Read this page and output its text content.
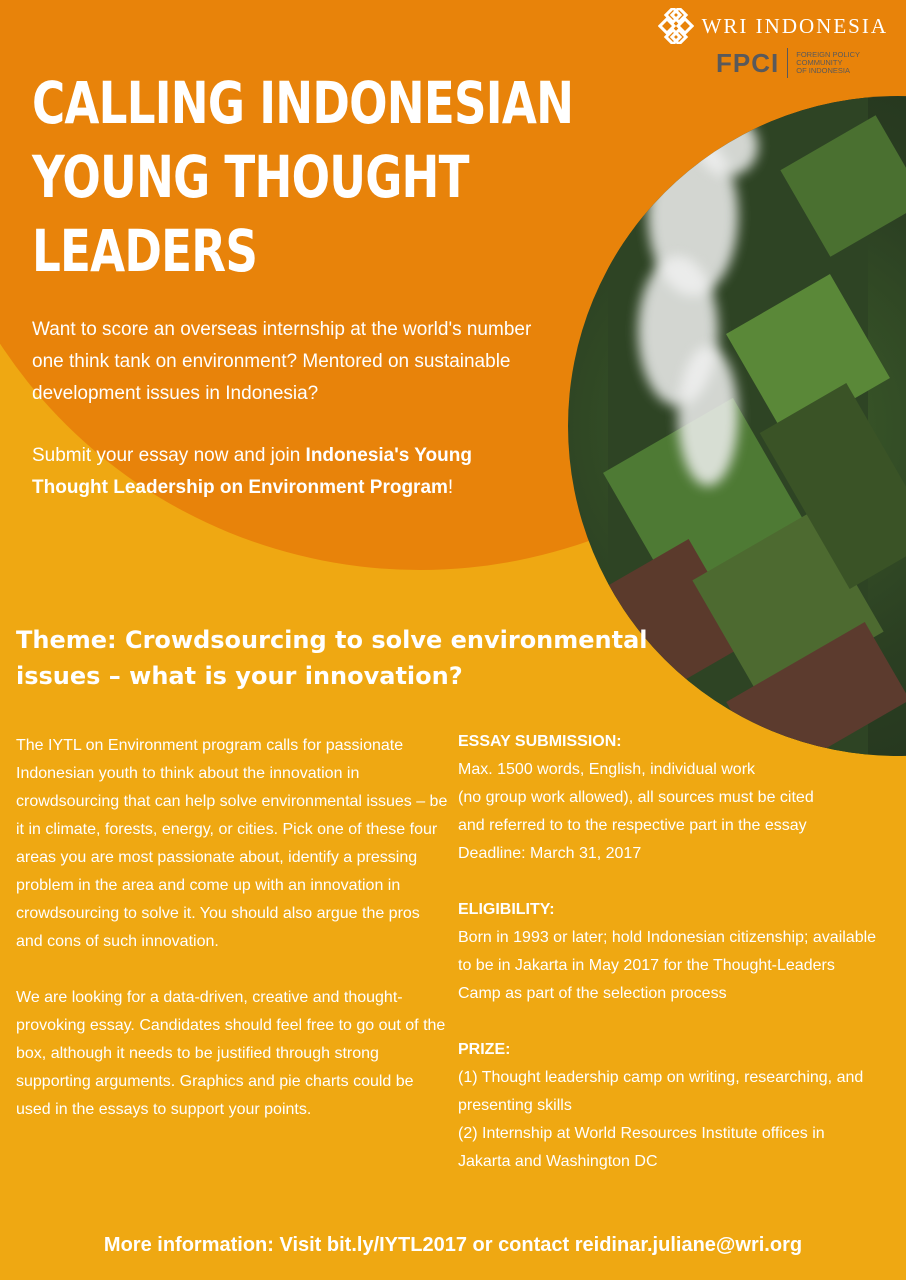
WRI INDONESIA
FPCI FOREIGN POLICY
COMMUNITY
OF INDONESIA
CALLING INDONESIAN
YOUNG THOUGHT
LEADERS

Want to score an overseas internship at the world's number one think tank on environment? Mentored on sustainable development issues in Indonesia?

Submit your essay now and join Indonesia's Young Thought Leadership on Environment Program!

Theme: Crowdsourcing to solve environmental issues – what is your innovation?

The IYTL on Environment program calls for passionate Indonesian youth to think about the innovation in crowdsourcing that can help solve environmental issues – be it in climate, forests, energy, or cities. Pick one of these four areas you are most passionate about, identify a pressing problem in the area and come up with an innovation in crowdsourcing to solve it. You should also argue the pros and cons of such innovation.

We are looking for a data-driven, creative and thought-provoking essay. Candidates should feel free to go out of the box, although it needs to be justified through strong supporting arguments. Graphics and pie charts could be used in the essays to support your points.

ESSAY SUBMISSION:
Max. 1500 words, English, individual work
(no group work allowed), all sources must be cited
and referred to to the respective part in the essay
Deadline: March 31, 2017
ELIGIBILITY:
Born in 1993 or later; hold Indonesian citizenship; available to be in Jakarta in May 2017 for the Thought-Leaders Camp as part of the selection process
PRIZE:
(1) Thought leadership camp on writing, researching, and presenting skills
(2) Internship at World Resources Institute offices in Jakarta and Washington DC
More information: Visit bit.ly/IYTL2017 or contact reidinar.juliane@wri.org
